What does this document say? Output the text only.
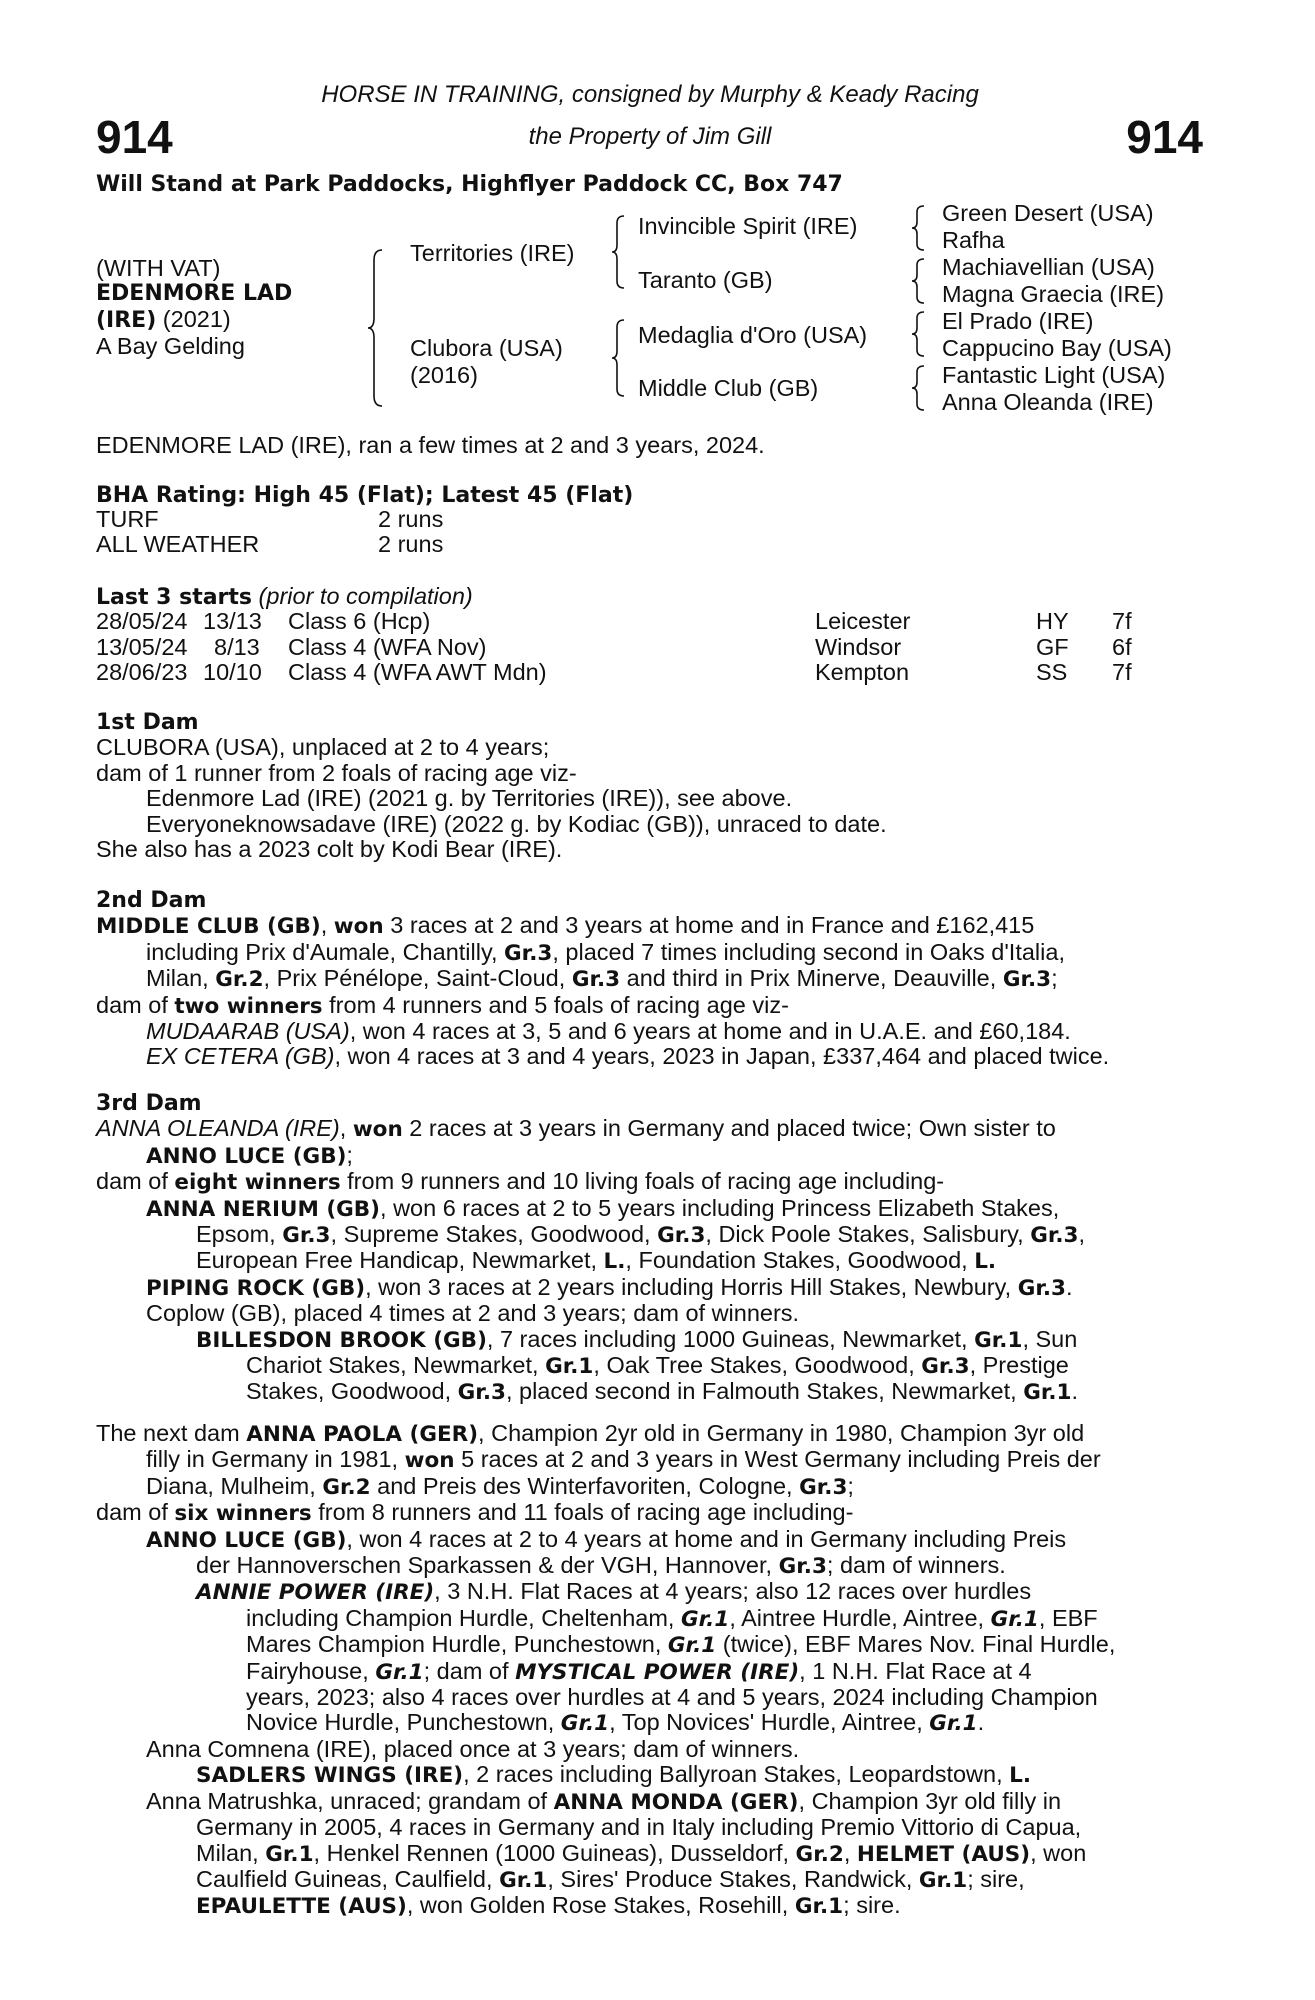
914	914
HORSE IN TRAINING, consigned by Murphy & Keady Racing
the Property of Jim Gill
Will Stand at Park Paddocks, Highflyer Paddock CC, Box 747
(WITH VAT)
EDENMORE LAD
(IRE) (2021)
A Bay Gelding
Territories (IRE)
Clubora (USA)
(2016)
Invincible Spirit (IRE)
Taranto (GB)
Medaglia d'Oro (USA)
Middle Club (GB)
Green Desert (USA)
Rafha
Machiavellian (USA)
Magna Graecia (IRE)
El Prado (IRE)
Cappucino Bay (USA)
Fantastic Light (USA)
Anna Oleanda (IRE)
EDENMORE LAD (IRE), ran a few times at 2 and 3 years, 2024.
BHA Rating: High 45 (Flat); Latest 45 (Flat)
TURF	2 runs
ALL WEATHER	2 runs
Last 3 starts (prior to compilation)
28/05/24 13/13 Class 6 (Hcp)	Leicester	HY 7f
13/05/24 8/13 Class 4 (WFA Nov)	Windsor	GF 6f
28/06/23 10/10 Class 4 (WFA AWT Mdn)	Kempton	SS 7f
1st Dam
CLUBORA (USA), unplaced at 2 to 4 years;
dam of 1 runner from 2 foals of racing age viz-
Edenmore Lad (IRE) (2021 g. by Territories (IRE)), see above.
Everyoneknowsadave (IRE) (2022 g. by Kodiac (GB)), unraced to date.
She also has a 2023 colt by Kodi Bear (IRE).
2nd Dam
MIDDLE CLUB (GB), won 3 races at 2 and 3 years at home and in France and £162,415
including Prix d'Aumale, Chantilly, Gr.3, placed 7 times including second in Oaks d'Italia,
Milan, Gr.2, Prix Pénélope, Saint-Cloud, Gr.3 and third in Prix Minerve, Deauville, Gr.3;
dam of two winners from 4 runners and 5 foals of racing age viz-
MUDAARAB (USA), won 4 races at 3, 5 and 6 years at home and in U.A.E. and £60,184.
EX CETERA (GB), won 4 races at 3 and 4 years, 2023 in Japan, £337,464 and placed twice.
3rd Dam
ANNA OLEANDA (IRE), won 2 races at 3 years in Germany and placed twice; Own sister to
ANNO LUCE (GB);
dam of eight winners from 9 runners and 10 living foals of racing age including-
ANNA NERIUM (GB), won 6 races at 2 to 5 years including Princess Elizabeth Stakes,
Epsom, Gr.3, Supreme Stakes, Goodwood, Gr.3, Dick Poole Stakes, Salisbury, Gr.3,
European Free Handicap, Newmarket, L., Foundation Stakes, Goodwood, L.
PIPING ROCK (GB), won 3 races at 2 years including Horris Hill Stakes, Newbury, Gr.3.
Coplow (GB), placed 4 times at 2 and 3 years; dam of winners.
BILLESDON BROOK (GB), 7 races including 1000 Guineas, Newmarket, Gr.1, Sun
Chariot Stakes, Newmarket, Gr.1, Oak Tree Stakes, Goodwood, Gr.3, Prestige
Stakes, Goodwood, Gr.3, placed second in Falmouth Stakes, Newmarket, Gr.1.
The next dam ANNA PAOLA (GER), Champion 2yr old in Germany in 1980, Champion 3yr old
filly in Germany in 1981, won 5 races at 2 and 3 years in West Germany including Preis der
Diana, Mulheim, Gr.2 and Preis des Winterfavoriten, Cologne, Gr.3;
dam of six winners from 8 runners and 11 foals of racing age including-
ANNO LUCE (GB), won 4 races at 2 to 4 years at home and in Germany including Preis
der Hannoverschen Sparkassen & der VGH, Hannover, Gr.3; dam of winners.
ANNIE POWER (IRE), 3 N.H. Flat Races at 4 years; also 12 races over hurdles
including Champion Hurdle, Cheltenham, Gr.1, Aintree Hurdle, Aintree, Gr.1, EBF
Mares Champion Hurdle, Punchestown, Gr.1 (twice), EBF Mares Nov. Final Hurdle,
Fairyhouse, Gr.1; dam of MYSTICAL POWER (IRE), 1 N.H. Flat Race at 4
years, 2023; also 4 races over hurdles at 4 and 5 years, 2024 including Champion
Novice Hurdle, Punchestown, Gr.1, Top Novices' Hurdle, Aintree, Gr.1.
Anna Comnena (IRE), placed once at 3 years; dam of winners.
SADLERS WINGS (IRE), 2 races including Ballyroan Stakes, Leopardstown, L.
Anna Matrushka, unraced; grandam of ANNA MONDA (GER), Champion 3yr old filly in
Germany in 2005, 4 races in Germany and in Italy including Premio Vittorio di Capua,
Milan, Gr.1, Henkel Rennen (1000 Guineas), Dusseldorf, Gr.2, HELMET (AUS), won
Caulfield Guineas, Caulfield, Gr.1, Sires' Produce Stakes, Randwick, Gr.1; sire,
EPAULETTE (AUS), won Golden Rose Stakes, Rosehill, Gr.1; sire.
